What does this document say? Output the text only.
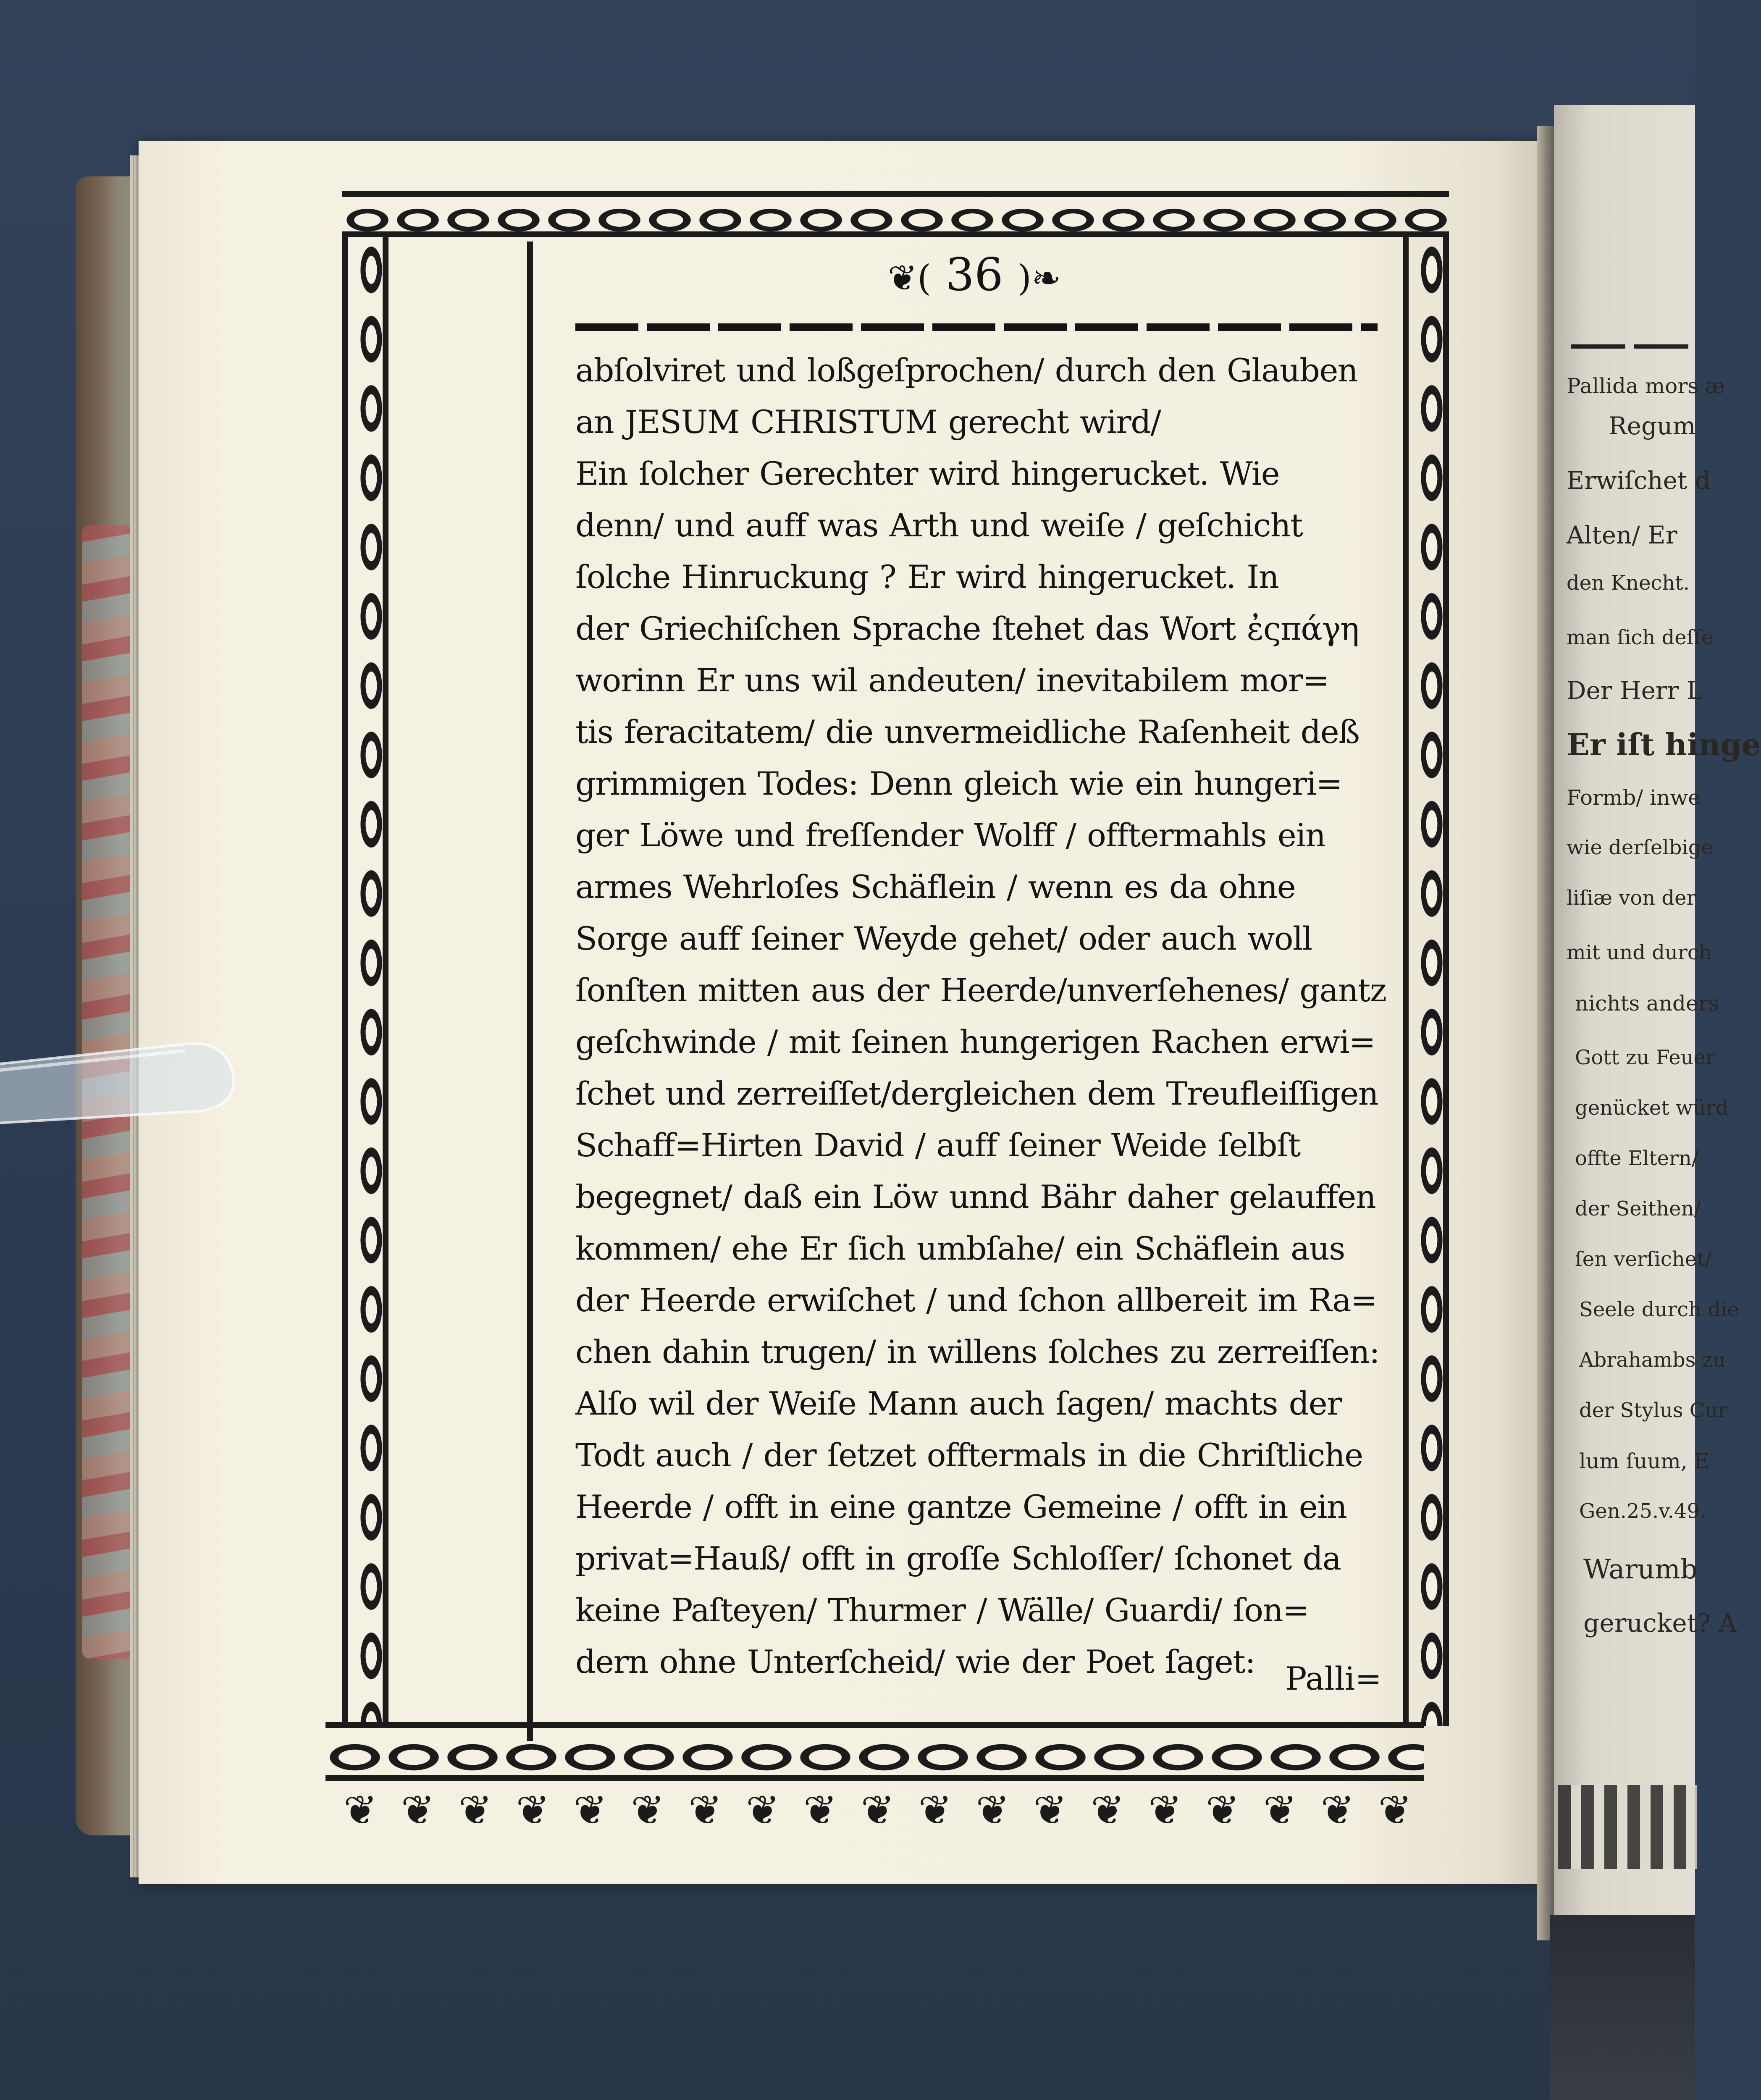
❦ ❦ ❦ ❦ ❦ ❦ ❦ ❦ ❦ ❦ ❦ ❦ ❦ ❦ ❦ ❦ ❦ ❦ ❦
❦( 36 )❧
abſolviret und loßgeſprochen/ durch den Glauben
an JESUM CHRISTUM gerecht wird/
Ein ſolcher Gerechter wird hingerucket. Wie
denn/ und auff was Arth und weiſe / geſchicht
ſolche Hinruckung ? Er wird hingerucket. In
der Griechiſchen Sprache ſtehet das Wort ἐςπάγη
worinn Er uns wil andeuten/ inevitabilem mor=
tis feracitatem/ die unvermeidliche Raſenheit deß
grimmigen Todes: Denn gleich wie ein hungeri=
ger Löwe und freſſender Wolff / offtermahls ein
armes Wehrloſes Schäflein / wenn es da ohne
Sorge auff ſeiner Weyde gehet/ oder auch woll
ſonſten mitten aus der Heerde/unverſehenes/ gantz
geſchwinde / mit ſeinen hungerigen Rachen erwi=
ſchet und zerreiſſet/dergleichen dem Treufleiſſigen
Schaff=Hirten David / auff ſeiner Weide ſelbſt
begegnet/ daß ein Löw unnd Bähr daher gelauffen
kommen/ ehe Er ſich umbſahe/ ein Schäflein aus
der Heerde erwiſchet / und ſchon allbereit im Ra=
chen dahin trugen/ in willens ſolches zu zerreiſſen:
Alſo wil der Weiſe Mann auch ſagen/ machts der
Todt auch / der ſetzet offtermals in die Chriſtliche
Heerde / offt in eine gantze Gemeine / offt in ein
privat=Hauß/ offt in groſſe Schloſſer/ ſchonet da
keine Paſteyen/ Thurmer / Wälle/ Guardi/ ſon=
dern ohne Unterſcheid/ wie der Poet ſaget: Palli=
Pallida mors æ
Regum
Erwiſchet d
Alten/ Er
den Knecht.
man ſich deſſe
Der Herr L
Er iſt hinge
Formb/ inwe
wie derſelbige
liſiæ von der
mit und durch
nichts anders
Gott zu Feuer
genücket würd
offte Eltern/
der Seithen/
ſen verſichet/
Seele durch die
Abrahambs zu
der Stylus Cur
lum ſuum, E
Gen.25.v.49.
Warumb
gerucket? A
